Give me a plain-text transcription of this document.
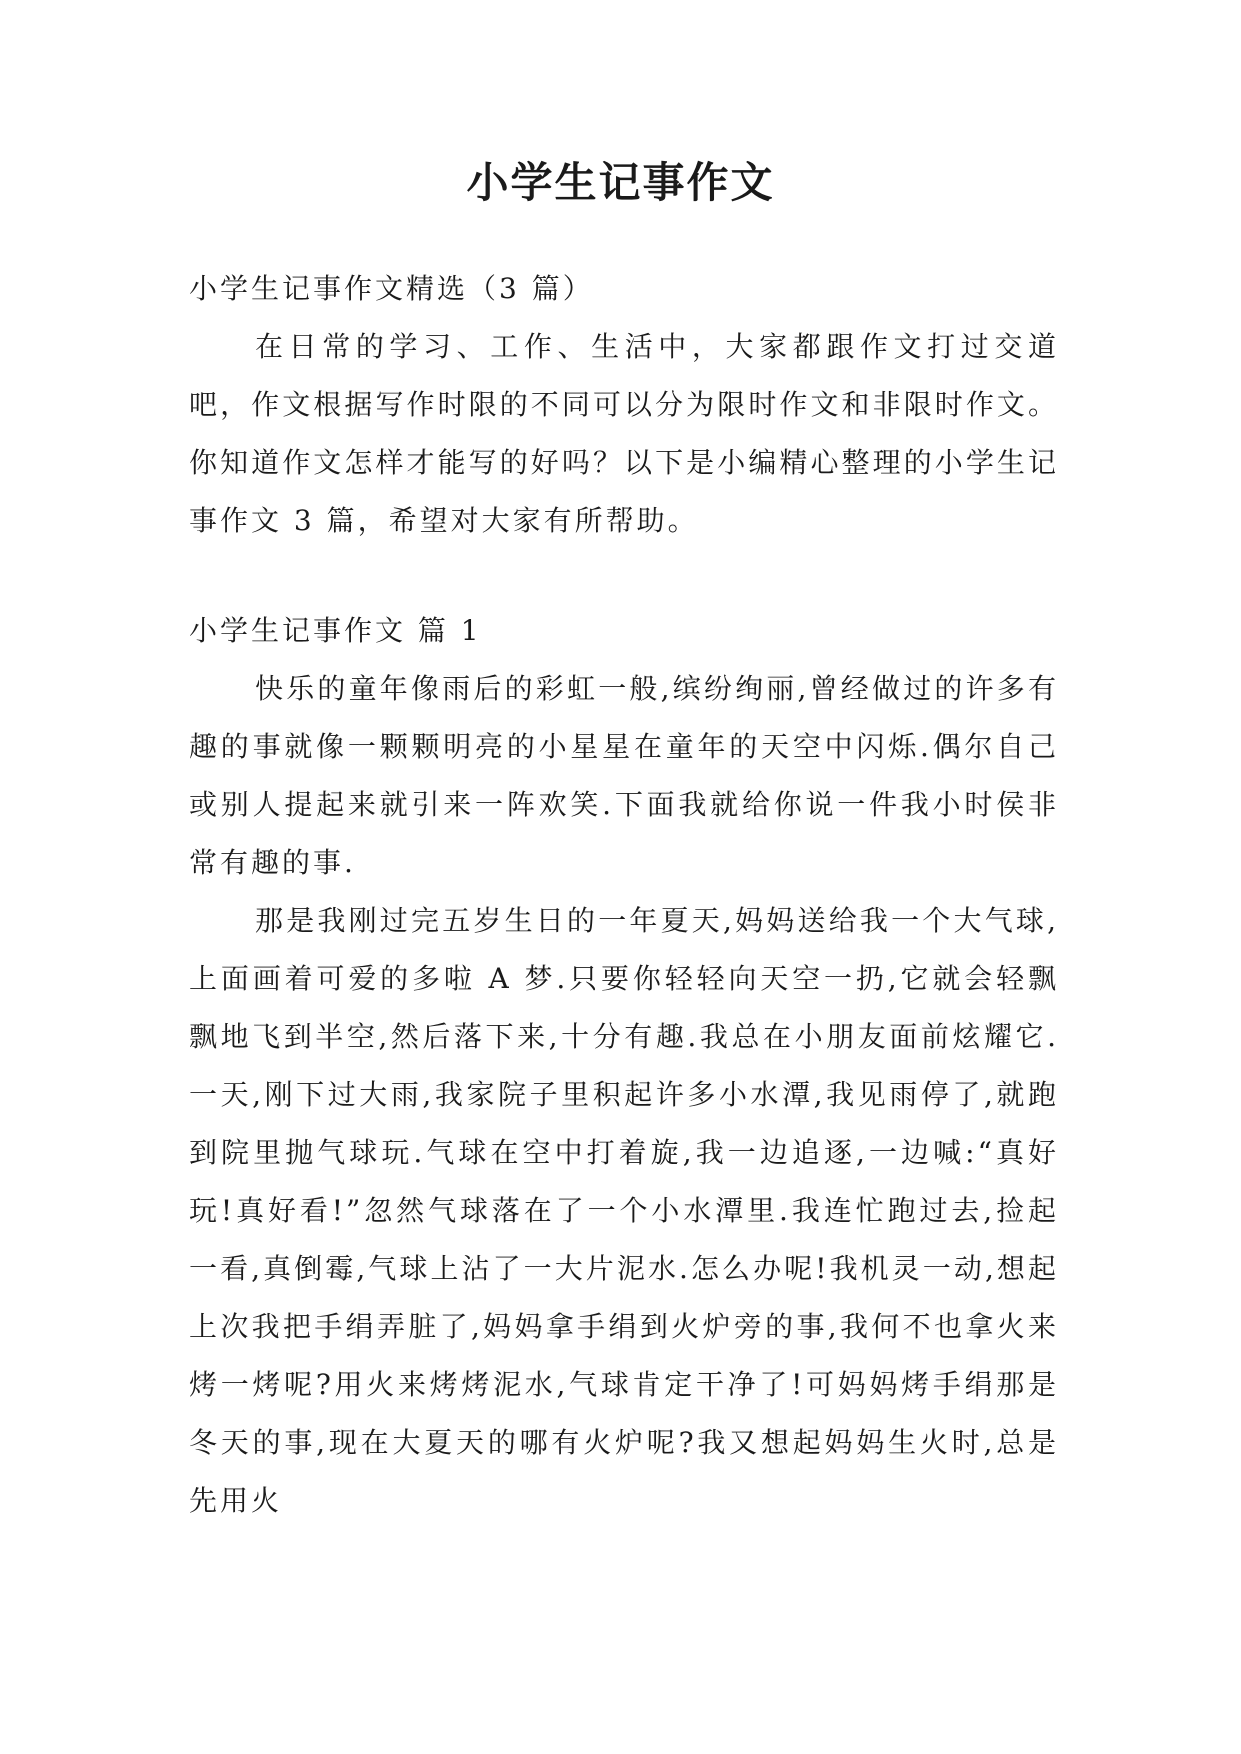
小学生记事作文

小学生记事作文精选（3 篇）

在日常的学习、工作、生活中，大家都跟作文打过交道吧，作文根据写作时限的不同可以分为限时作文和非限时作文。你知道作文怎样才能写的好吗？以下是小编精心整理的小学生记事作文 3 篇，希望对大家有所帮助。

小学生记事作文 篇 1

快乐的童年像雨后的彩虹一般,缤纷绚丽,曾经做过的许多有趣的事就像一颗颗明亮的小星星在童年的天空中闪烁.偶尔自己或别人提起来就引来一阵欢笑.下面我就给你说一件我小时侯非常有趣的事.

那是我刚过完五岁生日的一年夏天,妈妈送给我一个大气球,上面画着可爱的多啦 A 梦.只要你轻轻向天空一扔,它就会轻飘飘地飞到半空,然后落下来,十分有趣.我总在小朋友面前炫耀它.一天,刚下过大雨,我家院子里积起许多小水潭,我见雨停了,就跑到院里抛气球玩.气球在空中打着旋,我一边追逐,一边喊:“真好玩!真好看!”忽然气球落在了一个小水潭里.我连忙跑过去,捡起一看,真倒霉,气球上沾了一大片泥水.怎么办呢!我机灵一动,想起上次我把手绢弄脏了,妈妈拿手绢到火炉旁的事,我何不也拿火来烤一烤呢?用火来烤烤泥水,气球肯定干净了!可妈妈烤手绢那是冬天的事,现在大夏天的哪有火炉呢?我又想起妈妈生火时,总是先用火
